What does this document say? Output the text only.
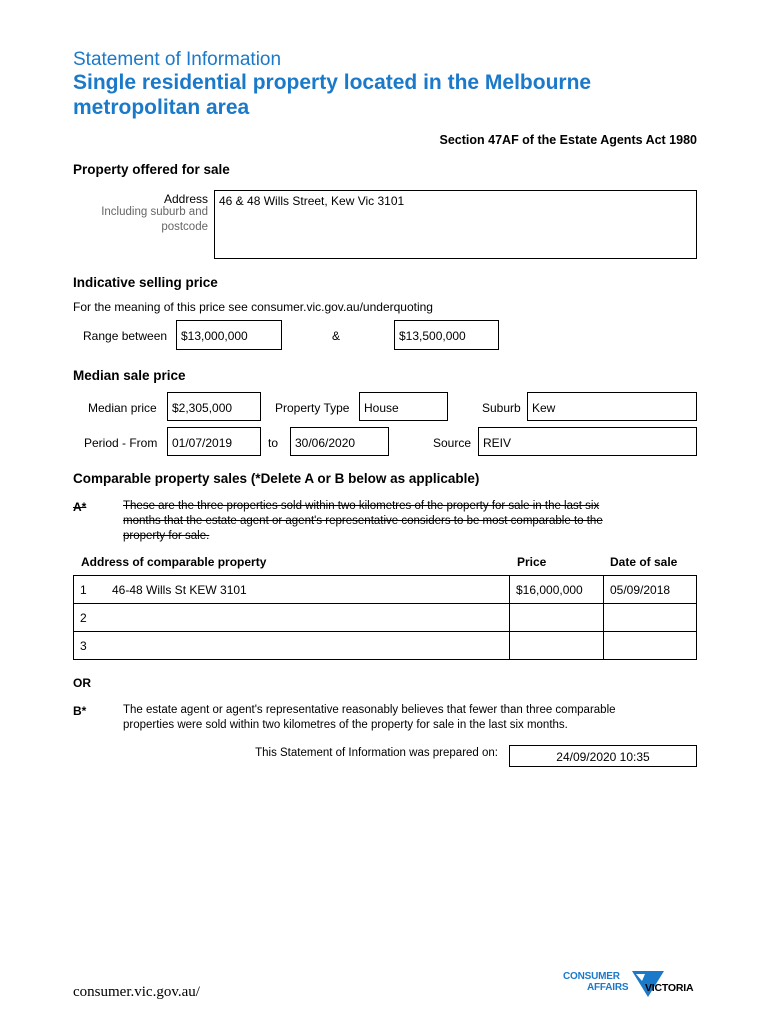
Statement of Information
Single residential property located in the Melbourne
metropolitan area
Section 47AF of the Estate Agents Act 1980
Property offered for sale
Address
Including suburb and
postcode
46 & 48 Wills Street, Kew Vic 3101
Indicative selling price
For the meaning of this price see consumer.vic.gov.au/underquoting
Range between	$13,000,000	&	$13,500,000
Median sale price
Median price	$2,305,000	Property Type	House	Suburb Kew
Period - From	01/07/2019	to	30/06/2020	Source REIV
Comparable property sales (*Delete A or B below as applicable)
A*	These are the three properties sold within two kilometres of the property for sale in the last six
months that the estate agent or agent's representative considers to be most comparable to the
property for sale.
Address of comparable property	Price	Date of sale
1 46-48 Wills St KEW 3101	$16,000,000	05/09/2018
2		
3		
OR
B*	The estate agent or agent's representative reasonably believes that fewer than three comparable
properties were sold within two kilometres of the property for sale in the last six months.
This Statement of Information was prepared on:	24/09/2020 10:35
consumer.vic.gov.au/
CONSUMER
AFFAIRS VICTORIA
